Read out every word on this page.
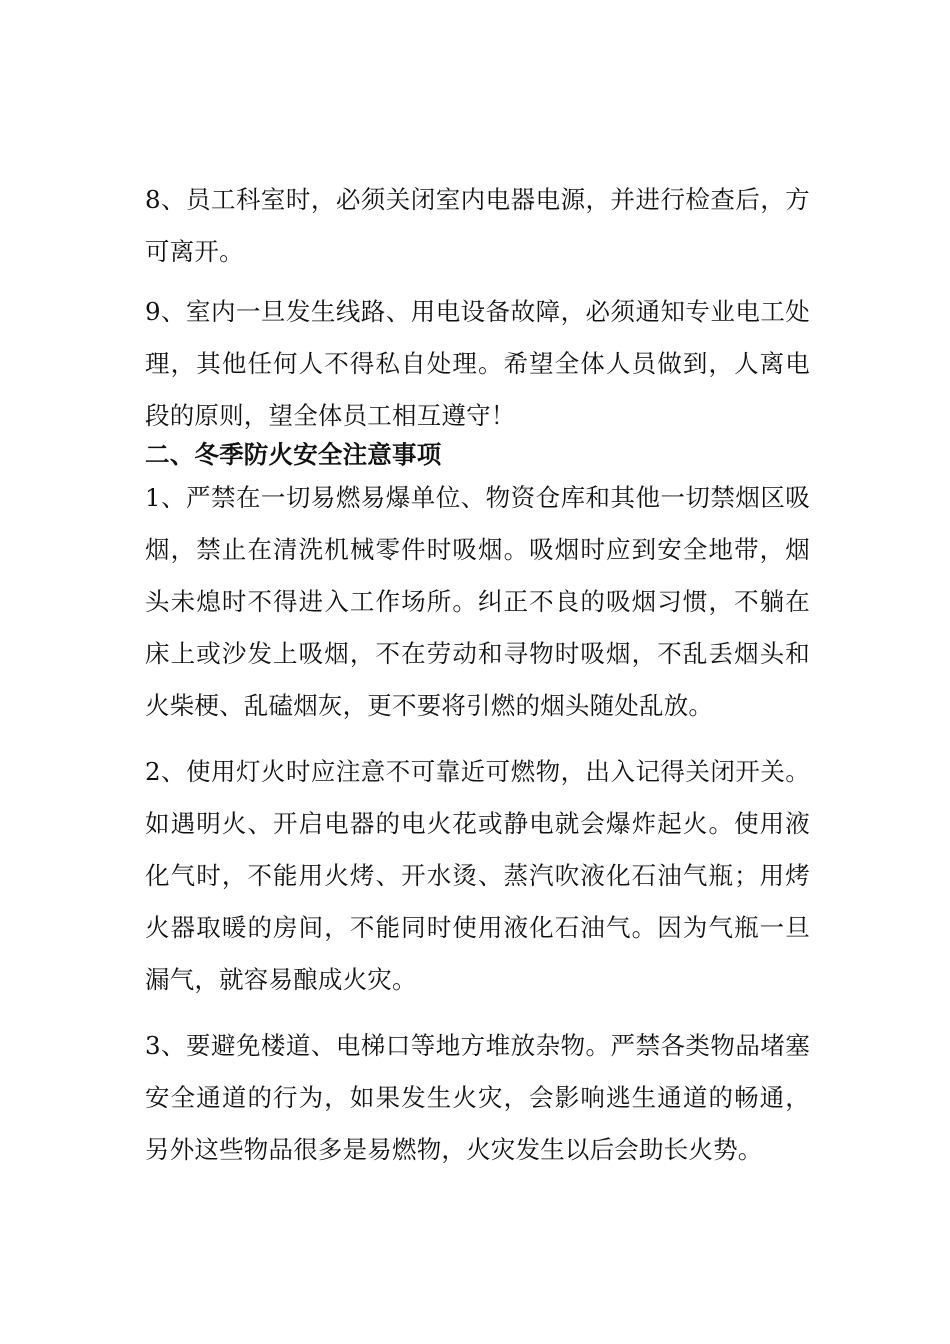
8、员工科室时，必须关闭室内电器电源，并进行检查后，方可离开。

9、室内一旦发生线路、用电设备故障，必须通知专业电工处理，其他任何人不得私自处理。希望全体人员做到，人离电段的原则，望全体员工相互遵守！

二、冬季防火安全注意事项

1、严禁在一切易燃易爆单位、物资仓库和其他一切禁烟区吸烟，禁止在清洗机械零件时吸烟。吸烟时应到安全地带，烟头未熄时不得进入工作场所。纠正不良的吸烟习惯，不躺在床上或沙发上吸烟，不在劳动和寻物时吸烟，不乱丢烟头和火柴梗、乱磕烟灰，更不要将引燃的烟头随处乱放。

2、使用灯火时应注意不可靠近可燃物，出入记得关闭开关。如遇明火、开启电器的电火花或静电就会爆炸起火。使用液化气时，不能用火烤、开水烫、蒸汽吹液化石油气瓶；用烤火器取暖的房间，不能同时使用液化石油气。因为气瓶一旦漏气，就容易酿成火灾。

3、要避免楼道、电梯口等地方堆放杂物。严禁各类物品堵塞安全通道的行为，如果发生火灾，会影响逃生通道的畅通，另外这些物品很多是易燃物，火灾发生以后会助长火势。
